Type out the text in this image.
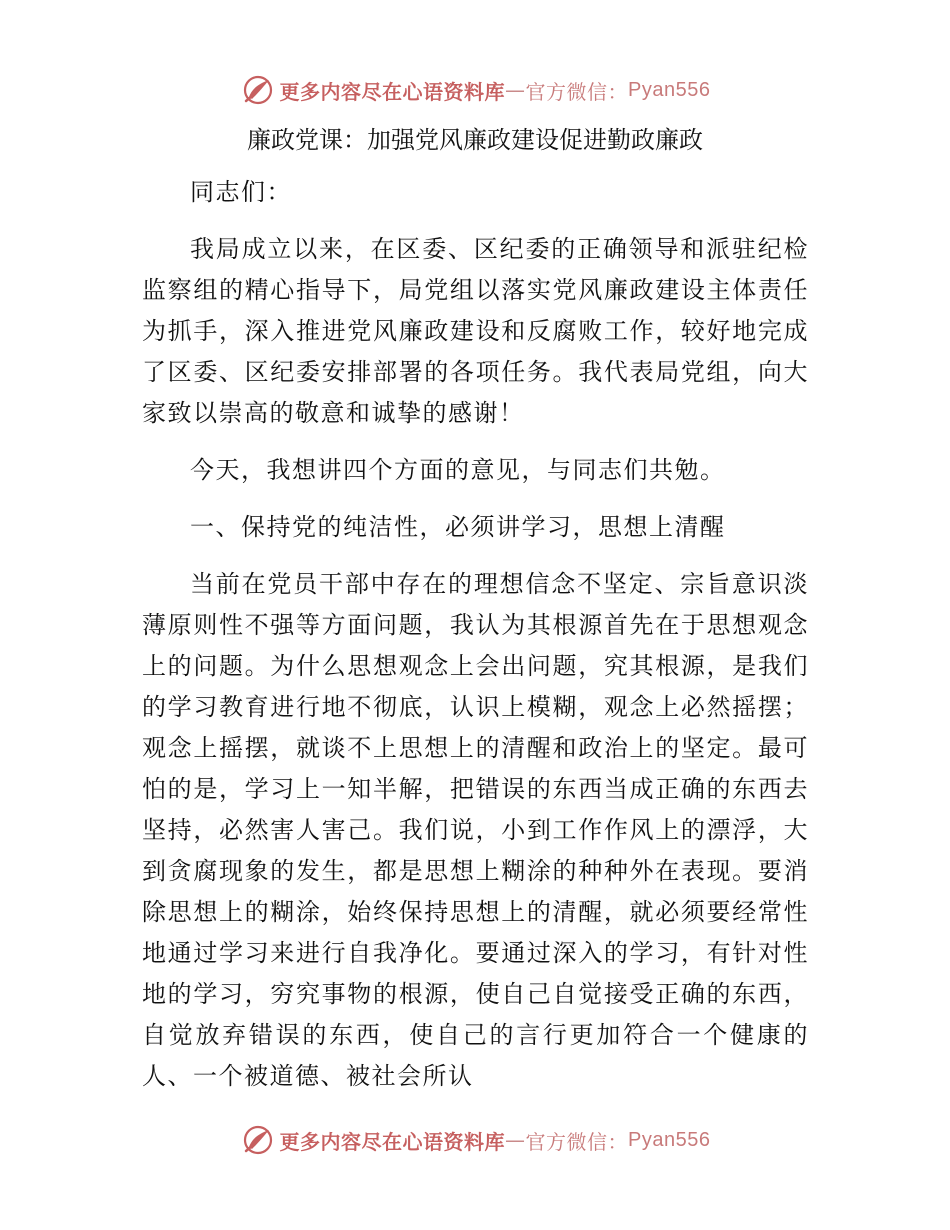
更多内容尽在心语资料库 — 官方微信： Pyan556
廉政党课：加强党风廉政建设促进勤政廉政

同志们：

我局成立以来，在区委、区纪委的正确领导和派驻纪检监察组的精心指导下，局党组以落实党风廉政建设主体责任为抓手，深入推进党风廉政建设和反腐败工作，较好地完成了区委、区纪委安排部署的各项任务。我代表局党组，向大家致以崇高的敬意和诚挚的感谢！

今天，我想讲四个方面的意见，与同志们共勉。

一、保持党的纯洁性，必须讲学习，思想上清醒

当前在党员干部中存在的理想信念不坚定、宗旨意识淡薄原则性不强等方面问题，我认为其根源首先在于思想观念上的问题。为什么思想观念上会出问题，究其根源，是我们的学习教育进行地不彻底，认识上模糊，观念上必然摇摆；观念上摇摆，就谈不上思想上的清醒和政治上的坚定。最可怕的是，学习上一知半解，把错误的东西当成正确的东西去坚持，必然害人害己。我们说，小到工作作风上的漂浮，大到贪腐现象的发生，都是思想上糊涂的种种外在表现。要消除思想上的糊涂，始终保持思想上的清醒，就必须要经常性地通过学习来进行自我净化。要通过深入的学习，有针对性地的学习，穷究事物的根源，使自己自觉接受正确的东西，自觉放弃错误的东西，使自己的言行更加符合一个健康的人、一个被道德、被社会所认

更多内容尽在心语资料库 — 官方微信： Pyan556
